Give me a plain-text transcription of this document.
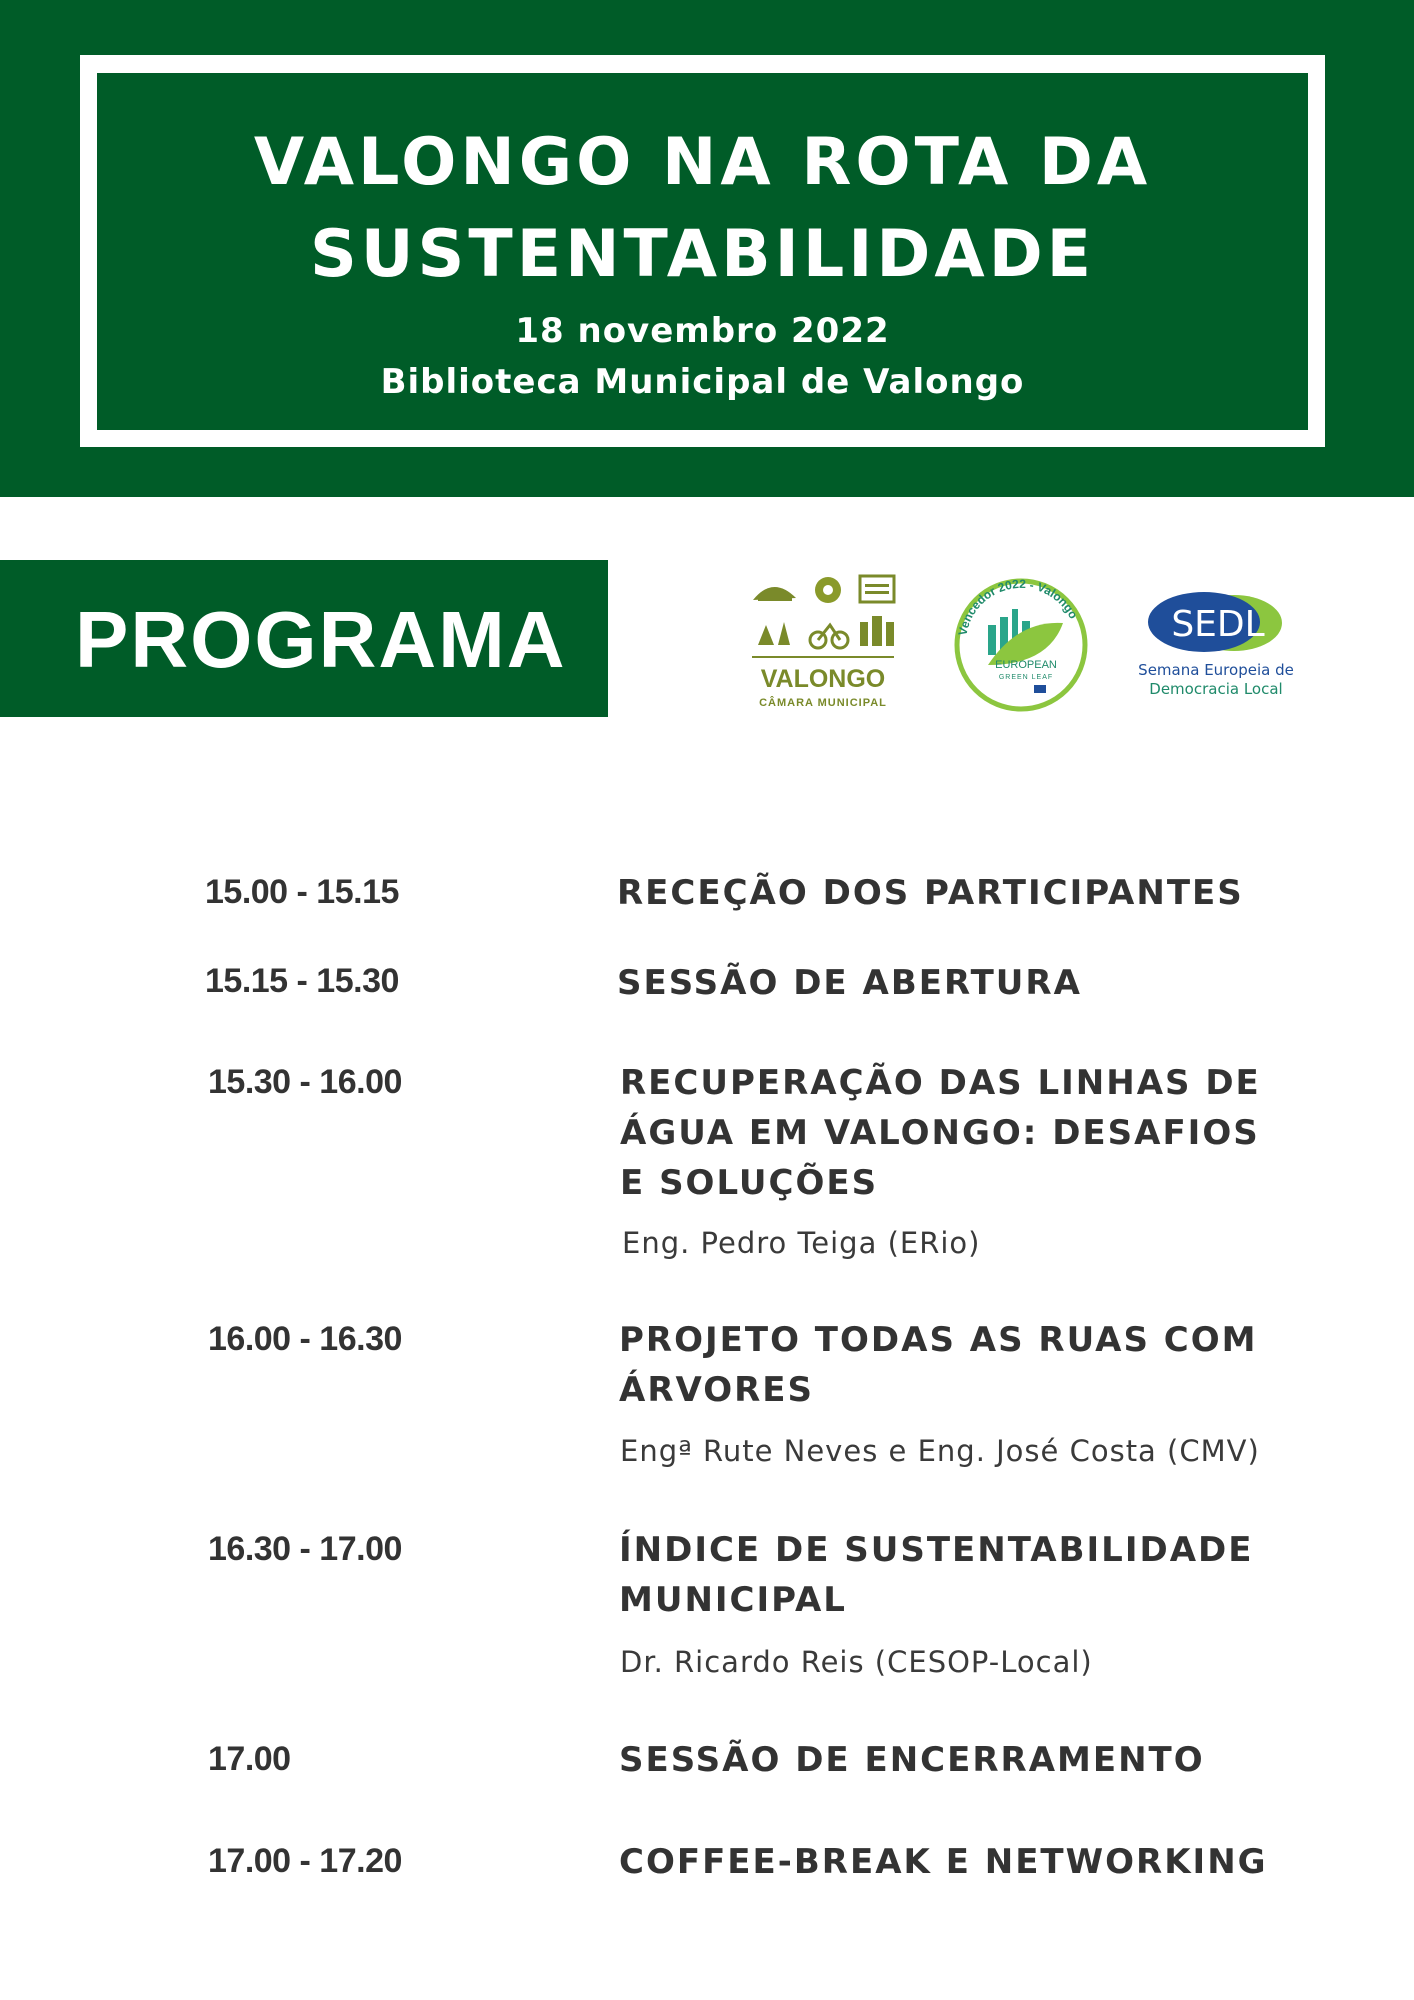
VALONGO NA ROTA DA SUSTENTABILIDADE
18 novembro 2022
Biblioteca Municipal de Valongo
PROGRAMA	VALONGO
CÂMARA MUNICIPAL
Vencedor 2022 - Valongo
EUROPEAN
GREEN LEAF
SEDL
Semana Europeia de
Democracia Local
15.00 - 15.15	RECEÇÃO DOS PARTICIPANTES
15.15 - 15.30	SESSÃO DE ABERTURA
15.30 - 16.00	RECUPERAÇÃO DAS LINHAS DE ÁGUA EM VALONGO: DESAFIOS E SOLUÇÕES
Eng. Pedro Teiga (ERio)
16.00 - 16.30	PROJETO TODAS AS RUAS COM ÁRVORES
Engª Rute Neves e Eng. José Costa (CMV)
16.30 - 17.00	ÍNDICE DE SUSTENTABILIDADE MUNICIPAL
Dr. Ricardo Reis (CESOP-Local)
17.00	SESSÃO DE ENCERRAMENTO
17.00 - 17.20	COFFEE-BREAK E NETWORKING
